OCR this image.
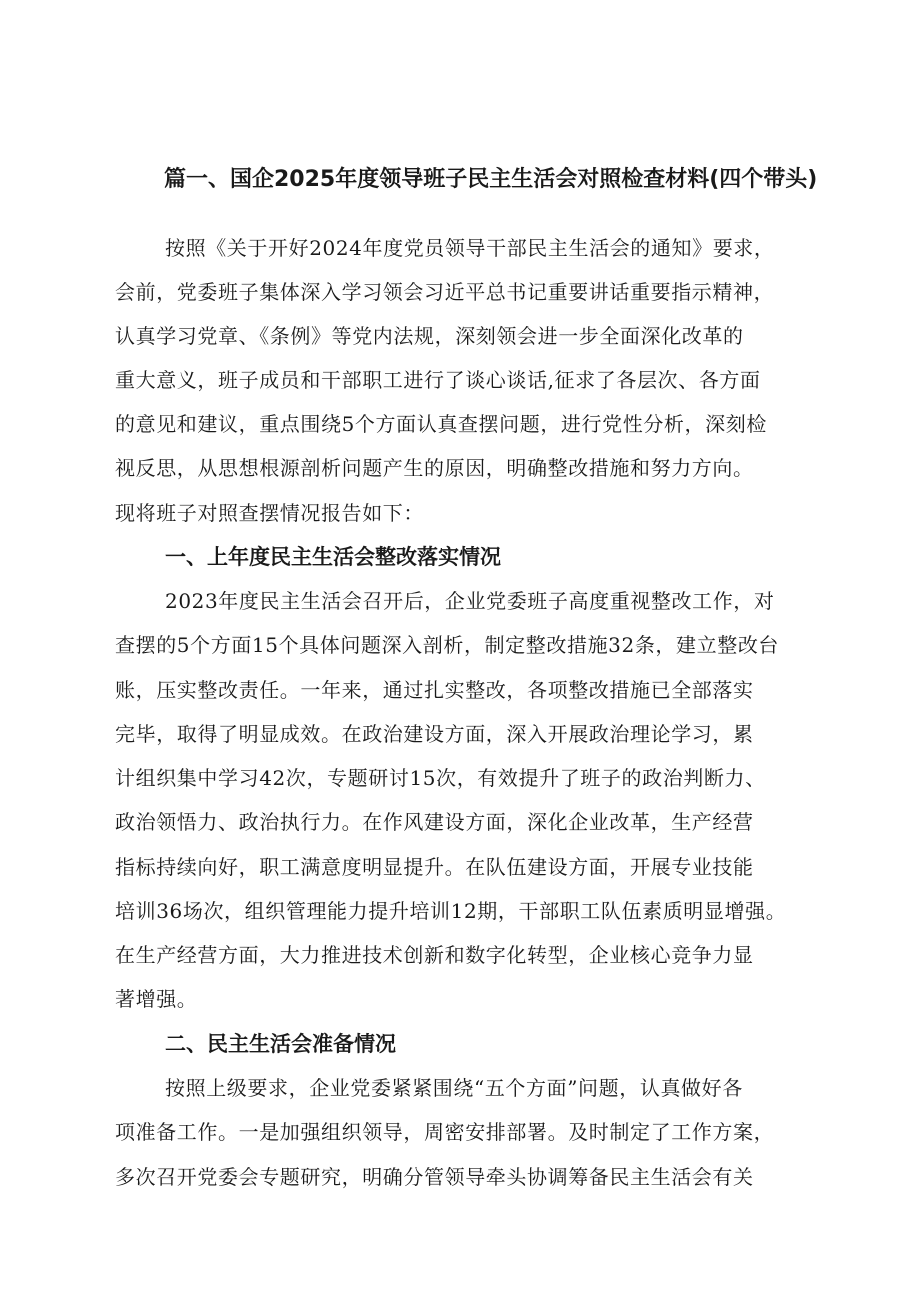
篇一、国企2025年度领导班子民主生活会对照检查材料(四个带头)

按照《关于开好2024年度党员领导干部民主生活会的通知》要求，

会前，党委班子集体深入学习领会习近平总书记重要讲话重要指示精神，

认真学习党章、《条例》等党内法规，深刻领会进一步全面深化改革的

重大意义，班子成员和干部职工进行了谈心谈话,征求了各层次、各方面

的意见和建议，重点围绕5个方面认真查摆问题，进行党性分析，深刻检

视反思，从思想根源剖析问题产生的原因，明确整改措施和努力方向。

现将班子对照查摆情况报告如下：

一、上年度民主生活会整改落实情况

2023年度民主生活会召开后，企业党委班子高度重视整改工作，对

查摆的5个方面15个具体问题深入剖析，制定整改措施32条，建立整改台

账，压实整改责任。一年来，通过扎实整改，各项整改措施已全部落实

完毕，取得了明显成效。在政治建设方面，深入开展政治理论学习，累

计组织集中学习42次，专题研讨15次，有效提升了班子的政治判断力、

政治领悟力、政治执行力。在作风建设方面，深化企业改革，生产经营

指标持续向好，职工满意度明显提升。在队伍建设方面，开展专业技能

培训36场次，组织管理能力提升培训12期，干部职工队伍素质明显增强。

在生产经营方面，大力推进技术创新和数字化转型，企业核心竞争力显

著增强。

二、民主生活会准备情况

按照上级要求，企业党委紧紧围绕“五个方面”问题，认真做好各

项准备工作。一是加强组织领导，周密安排部署。及时制定了工作方案，

多次召开党委会专题研究，明确分管领导牵头协调筹备民主生活会有关
